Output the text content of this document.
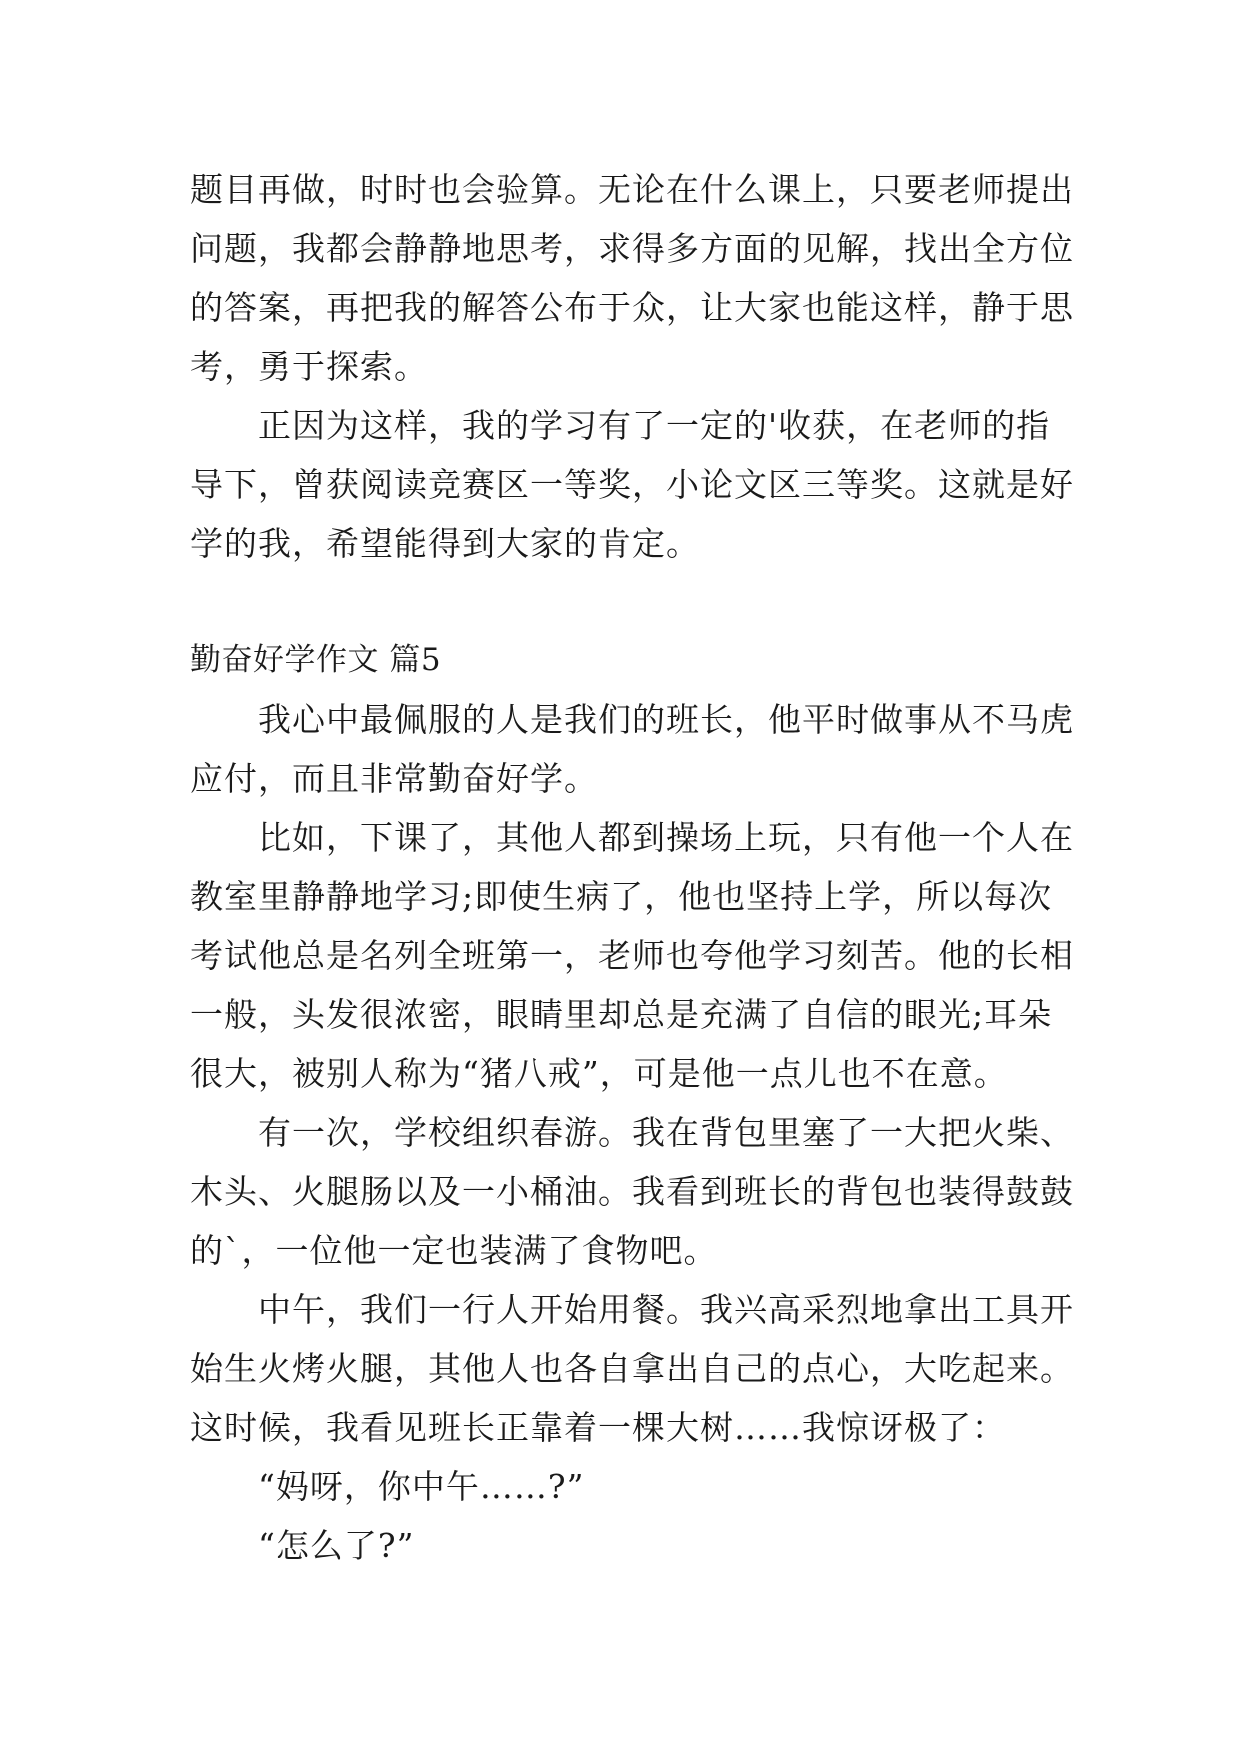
题目再做，时时也会验算。无论在什么课上，只要老师提出
问题，我都会静静地思考，求得多方面的见解，找出全方位
的答案，再把我的解答公布于众，让大家也能这样，静于思
考，勇于探索。
　　正因为这样，我的学习有了一定的'收获，在老师的指
导下，曾获阅读竞赛区一等奖，小论文区三等奖。这就是好
学的我，希望能得到大家的肯定。
勤奋好学作文 篇5
　　我心中最佩服的人是我们的班长，他平时做事从不马虎
应付，而且非常勤奋好学。
　　比如，下课了，其他人都到操场上玩，只有他一个人在
教室里静静地学习;即使生病了，他也坚持上学，所以每次
考试他总是名列全班第一，老师也夸他学习刻苦。他的长相
一般，头发很浓密，眼睛里却总是充满了自信的眼光;耳朵
很大，被别人称为“猪八戒”，可是他一点儿也不在意。
　　有一次，学校组织春游。我在背包里塞了一大把火柴、
木头、火腿肠以及一小桶油。我看到班长的背包也装得鼓鼓
的`，一位他一定也装满了食物吧。
　　中午，我们一行人开始用餐。我兴高采烈地拿出工具开
始生火烤火腿，其他人也各自拿出自己的点心，大吃起来。
这时候，我看见班长正靠着一棵大树……我惊讶极了：
　　“妈呀，你中午……?”
　　“怎么了?”
